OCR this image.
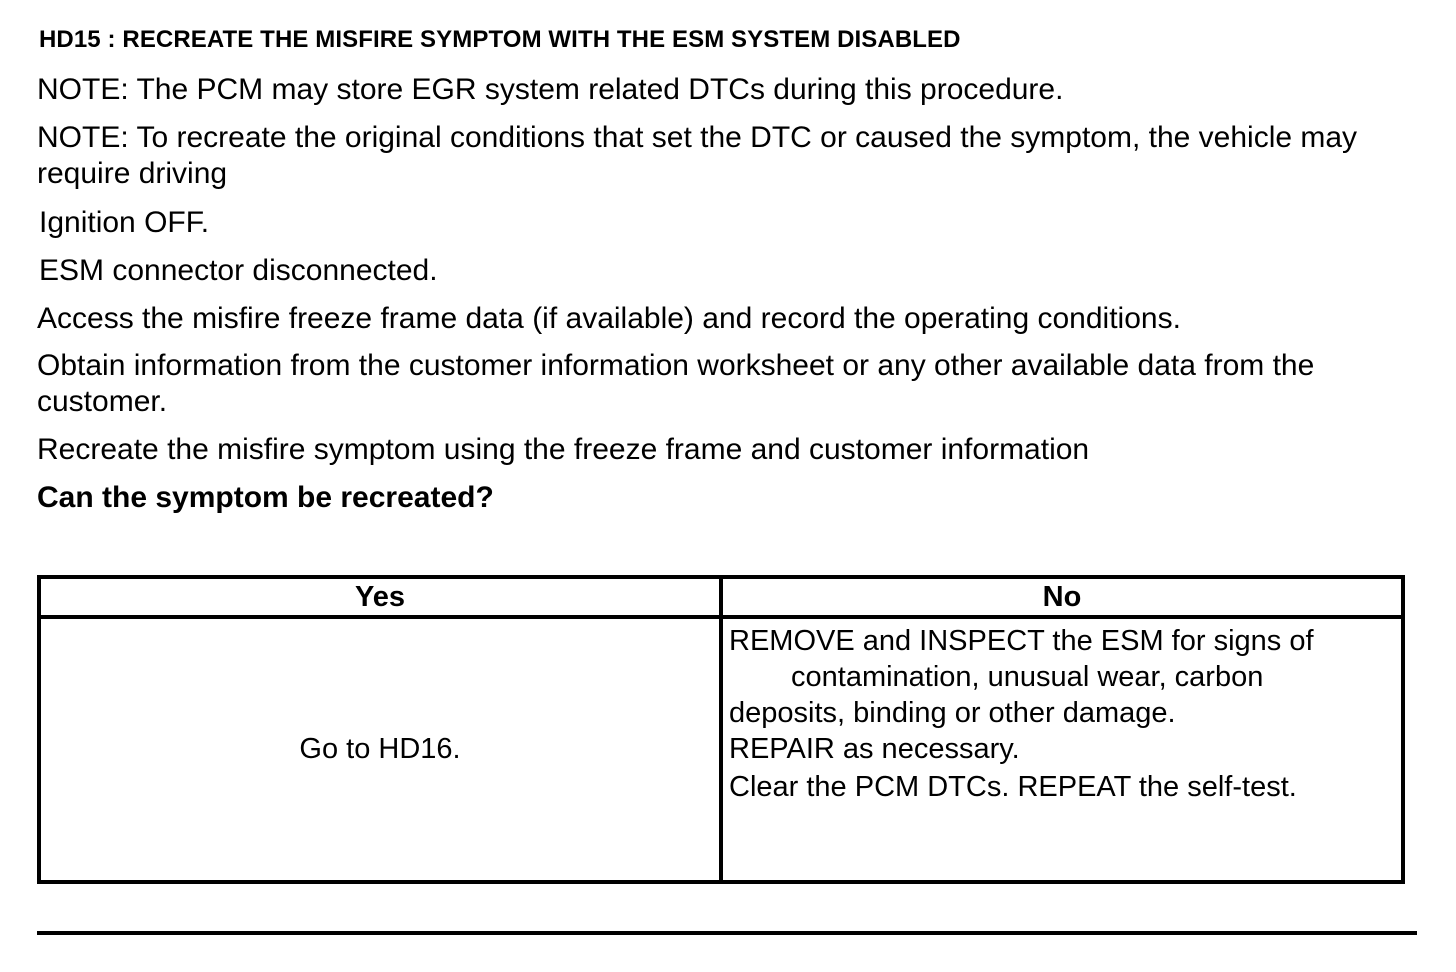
HD15 : RECREATE THE MISFIRE SYMPTOM WITH THE ESM SYSTEM DISABLED
NOTE: The PCM may store EGR system related DTCs during this procedure.
NOTE: To recreate the original conditions that set the DTC or caused the symptom, the vehicle may require driving
Ignition OFF.
ESM connector disconnected.
Access the misfire freeze frame data (if available) and record the operating conditions.
Obtain information from the customer information worksheet or any other available data from the customer.
Recreate the misfire symptom using the freeze frame and customer information
Can the symptom be recreated?
Yes	No
Go to HD16.	REMOVE and INSPECT the ESM for signs of
contamination, unusual wear, carbon
deposits, binding or other damage.
REPAIR as necessary.
Clear the PCM DTCs. REPEAT the self-test.
